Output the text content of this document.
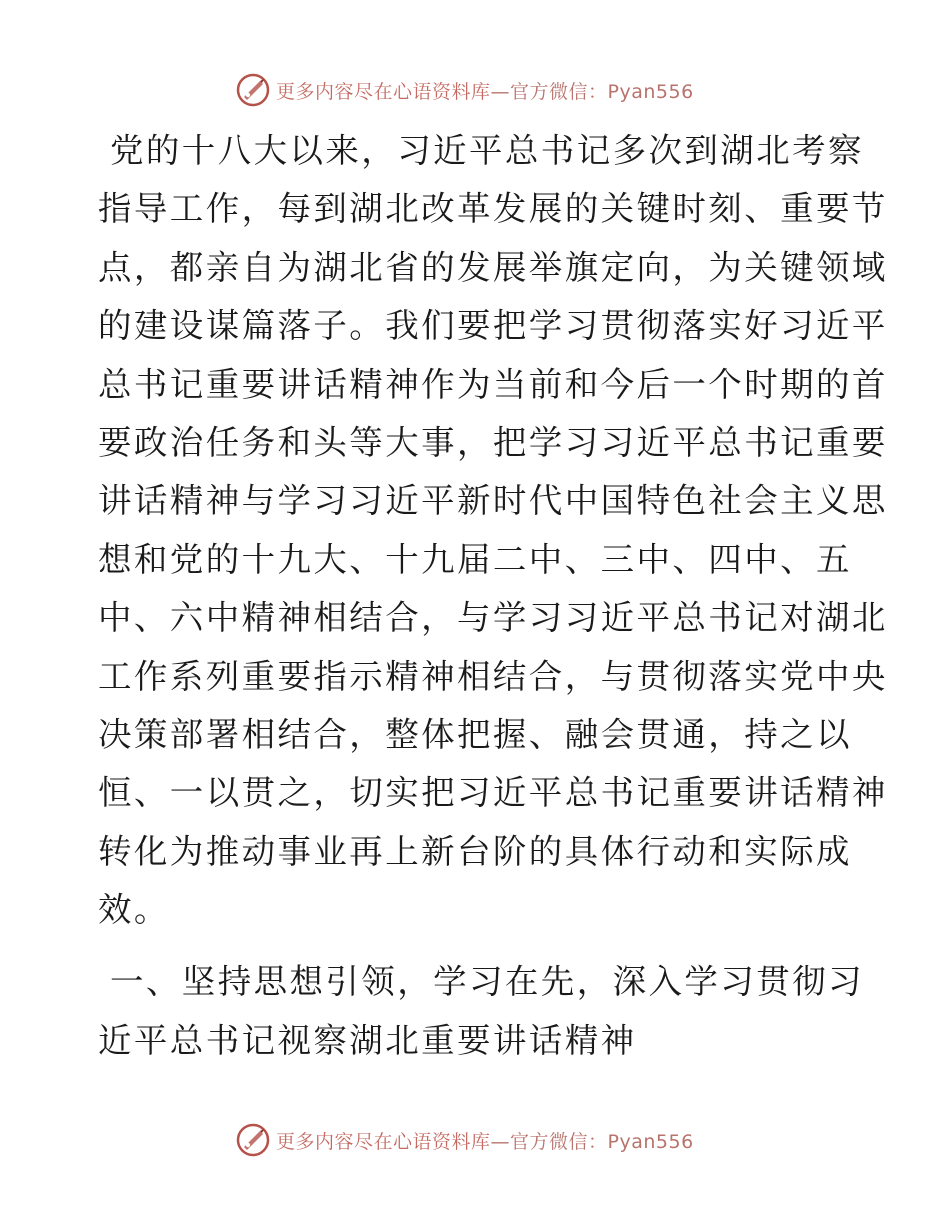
更多内容尽在心语资料库—官方微信：Pyan556
党的十八大以来，习近平总书记多次到湖北考察
指导工作，每到湖北改革发展的关键时刻、重要节
点，都亲自为湖北省的发展举旗定向，为关键领域
的建设谋篇落子。我们要把学习贯彻落实好习近平
总书记重要讲话精神作为当前和今后一个时期的首
要政治任务和头等大事，把学习习近平总书记重要
讲话精神与学习习近平新时代中国特色社会主义思
想和党的十九大、十九届二中、三中、四中、五
中、六中精神相结合，与学习习近平总书记对湖北
工作系列重要指示精神相结合，与贯彻落实党中央
决策部署相结合，整体把握、融会贯通，持之以
恒、一以贯之，切实把习近平总书记重要讲话精神
转化为推动事业再上新台阶的具体行动和实际成
效。
一、坚持思想引领，学习在先，深入学习贯彻习
近平总书记视察湖北重要讲话精神
更多内容尽在心语资料库—官方微信：Pyan556
